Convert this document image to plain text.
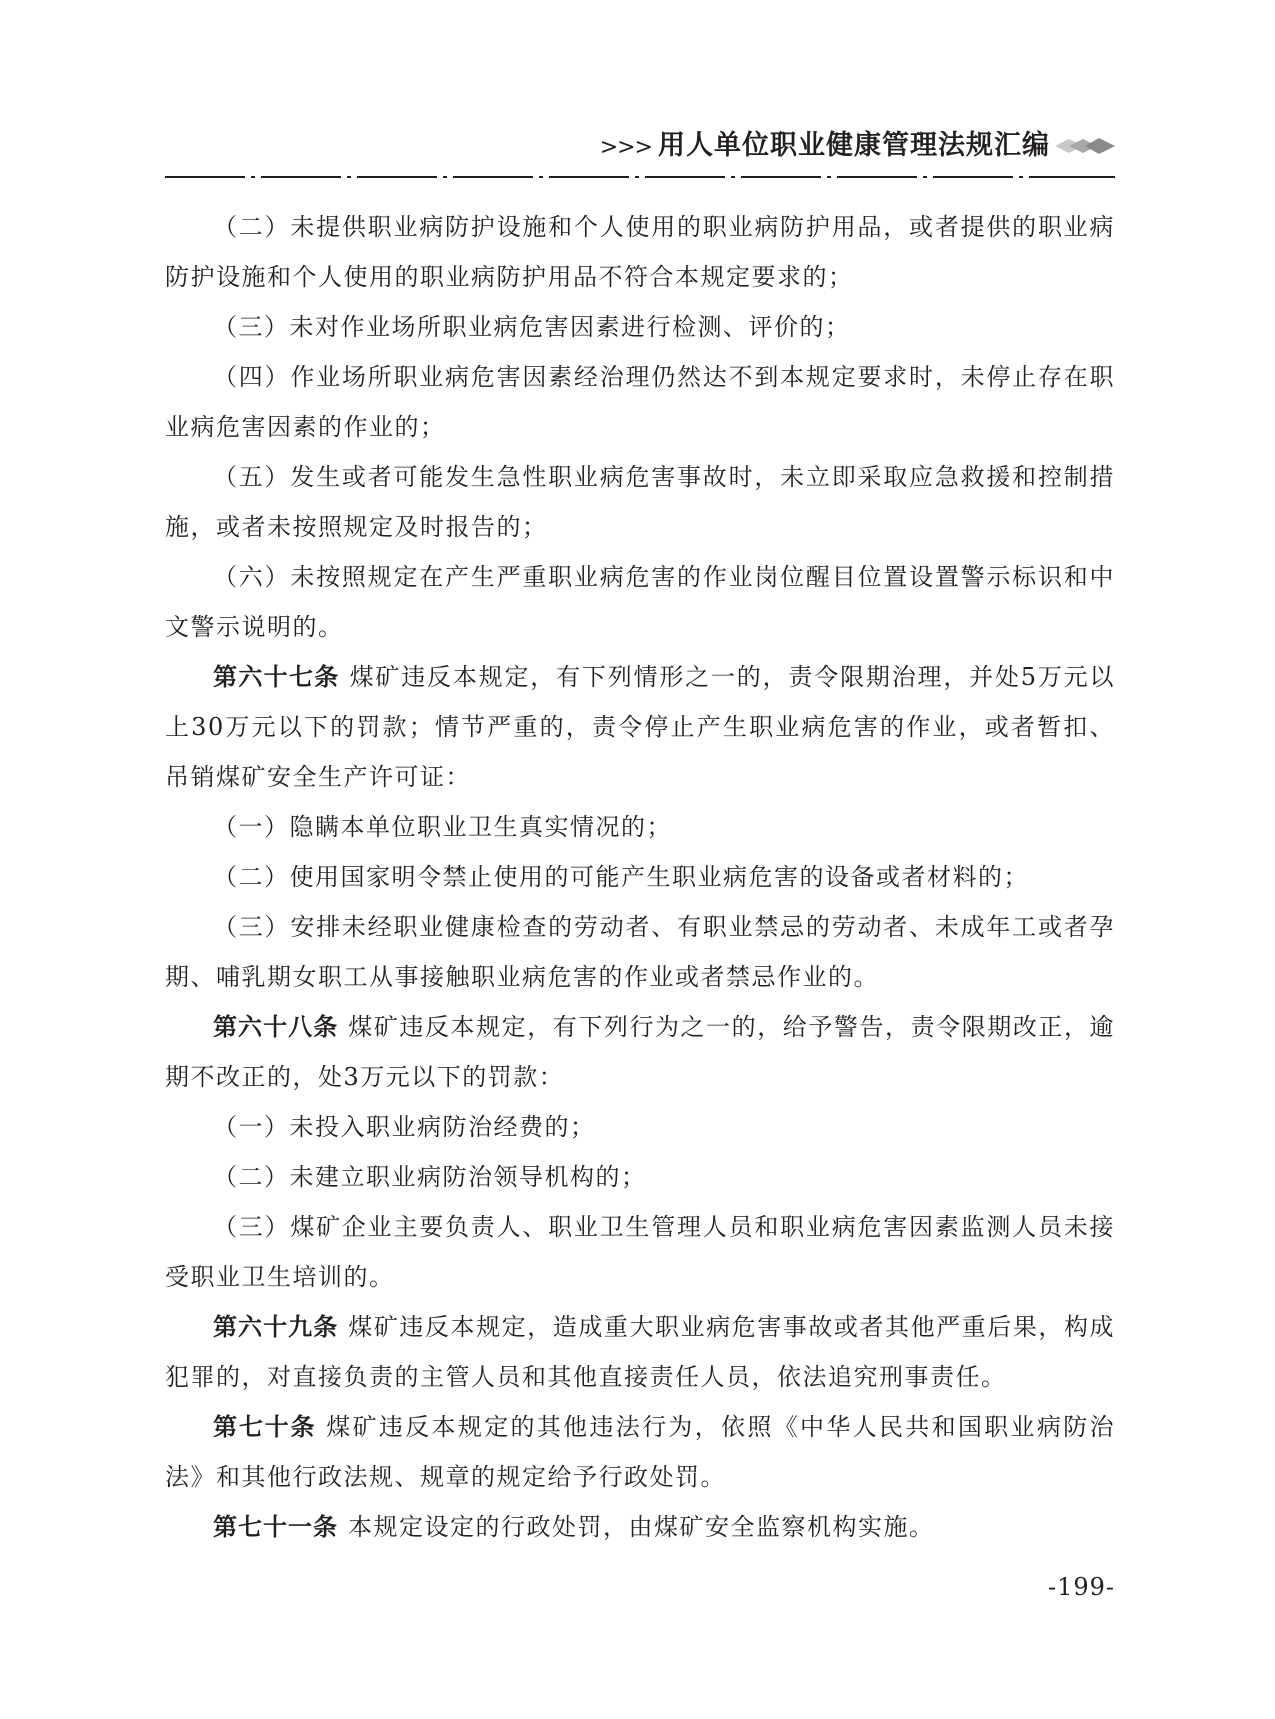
>>> 用人单位职业健康管理法规汇编

（二）未提供职业病防护设施和个人使用的职业病防护用品，或者提供的职业病防护设施和个人使用的职业病防护用品不符合本规定要求的；

（三）未对作业场所职业病危害因素进行检测、评价的；

（四）作业场所职业病危害因素经治理仍然达不到本规定要求时，未停止存在职业病危害因素的作业的；

（五）发生或者可能发生急性职业病危害事故时，未立即采取应急救援和控制措施，或者未按照规定及时报告的；

（六）未按照规定在产生严重职业病危害的作业岗位醒目位置设置警示标识和中文警示说明的。

第六十七条 煤矿违反本规定，有下列情形之一的，责令限期治理，并处5万元以上30万元以下的罚款；情节严重的，责令停止产生职业病危害的作业，或者暂扣、吊销煤矿安全生产许可证：

（一）隐瞒本单位职业卫生真实情况的；

（二）使用国家明令禁止使用的可能产生职业病危害的设备或者材料的；

（三）安排未经职业健康检查的劳动者、有职业禁忌的劳动者、未成年工或者孕期、哺乳期女职工从事接触职业病危害的作业或者禁忌作业的。

第六十八条 煤矿违反本规定，有下列行为之一的，给予警告，责令限期改正，逾期不改正的，处3万元以下的罚款：

（一）未投入职业病防治经费的；

（二）未建立职业病防治领导机构的；

（三）煤矿企业主要负责人、职业卫生管理人员和职业病危害因素监测人员未接受职业卫生培训的。

第六十九条 煤矿违反本规定，造成重大职业病危害事故或者其他严重后果，构成犯罪的，对直接负责的主管人员和其他直接责任人员，依法追究刑事责任。

第七十条 煤矿违反本规定的其他违法行为，依照《中华人民共和国职业病防治法》和其他行政法规、规章的规定给予行政处罚。

第七十一条 本规定设定的行政处罚，由煤矿安全监察机构实施。

-199-
